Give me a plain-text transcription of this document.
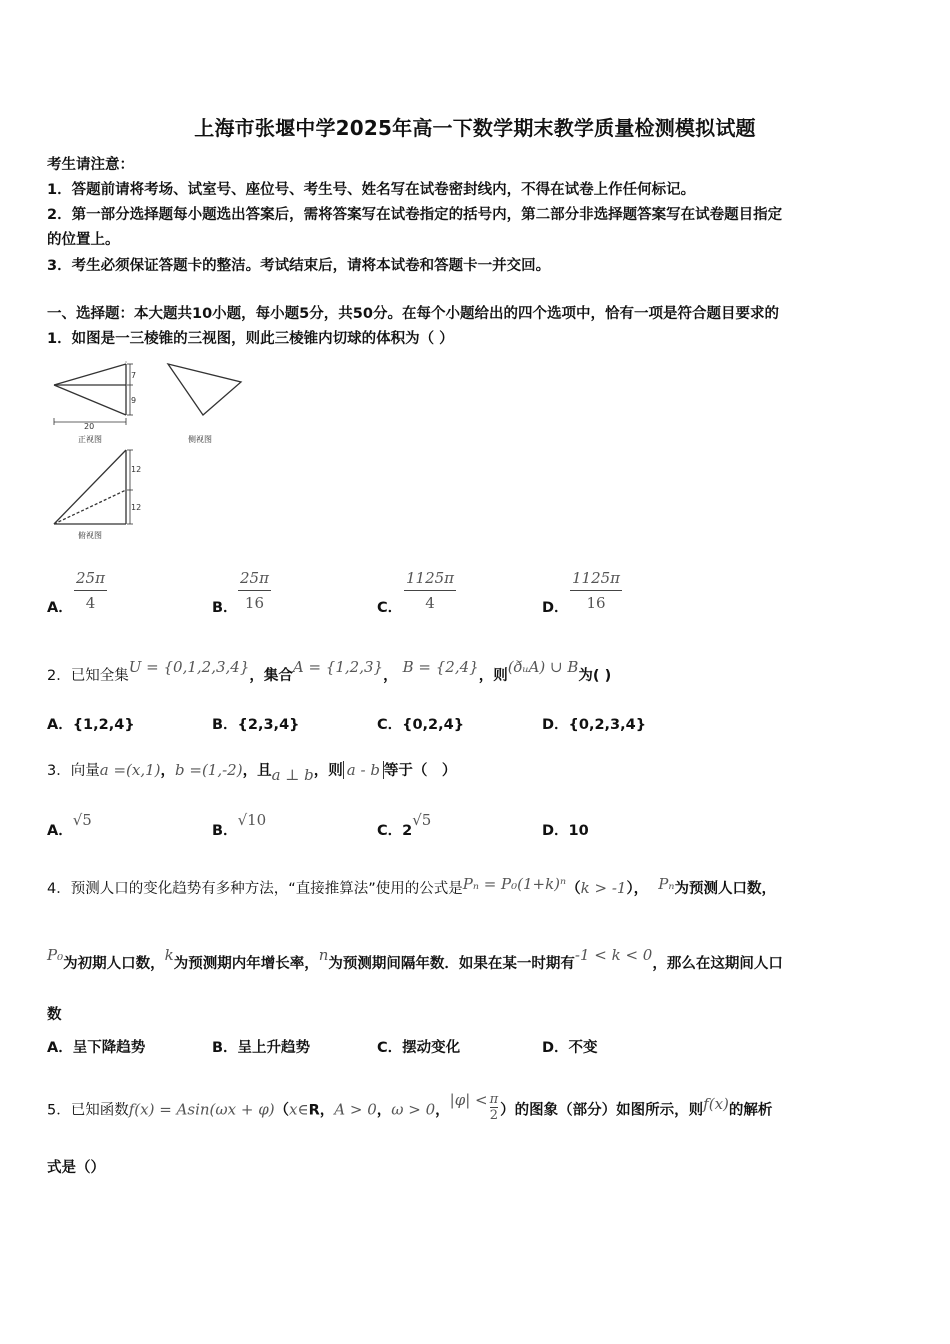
上海市张堰中学2025年高一下数学期末教学质量检测模拟试题
考生请注意：
1．答题前请将考场、试室号、座位号、考生号、姓名写在试卷密封线内，不得在试卷上作任何标记。
2．第一部分选择题每小题选出答案后，需将答案写在试卷指定的括号内，第二部分非选择题答案写在试卷题目指定
的位置上。
3．考生必须保证答题卡的整洁。考试结束后，请将本试卷和答题卡一并交回。
一、选择题：本大题共10小题，每小题5分，共50分。在每个小题给出的四个选项中，恰有一项是符合题目要求的
1．如图是一三棱锥的三视图，则此三棱锥内切球的体积为（ ）
7
9
20
正视图	侧视图
12
12
俯视图
A． $\frac{25\pi}{4}$	B． $\frac{25\pi}{16}$	C． $\frac{1125\pi}{4}$	D． $\frac{1125\pi}{16}$
2．已知全集U = {0,1,2,3,4}，集合A = {1,2,3}， B = {2,4}，则(ðᵤA) ∪ B为( )
A．{1,2,4}	B．{2,3,4}	C．{0,2,4}	D．{0,2,3,4}
3．向量a =(x,1)，b =(1,-2)，且a ⊥ b，则 a - b 等于（　）
A．√5
B．√10
C．2√5
D．10
4．预测人口的变化趋势有多种方法，“直接推算法”使用的公式是Pₙ = P₀(1+k)ⁿ（k > -1）， Pₙ为预测人口数，
P₀为初期人口数，k为预测期内年增长率，n为预测期间隔年数．如果在某一时期有-1 < k < 0，那么在这期间人口
数
A．呈下降趋势	B．呈上升趋势	C．摆动变化	D．不变
5．已知函数f(x) = Asin(ωx + φ)（x∈R，A > 0，ω > 0，$|\varphi| < \frac{\pi}{2}$ ）的图象（部分）如图所示，则f(x)的解析
式是（）
